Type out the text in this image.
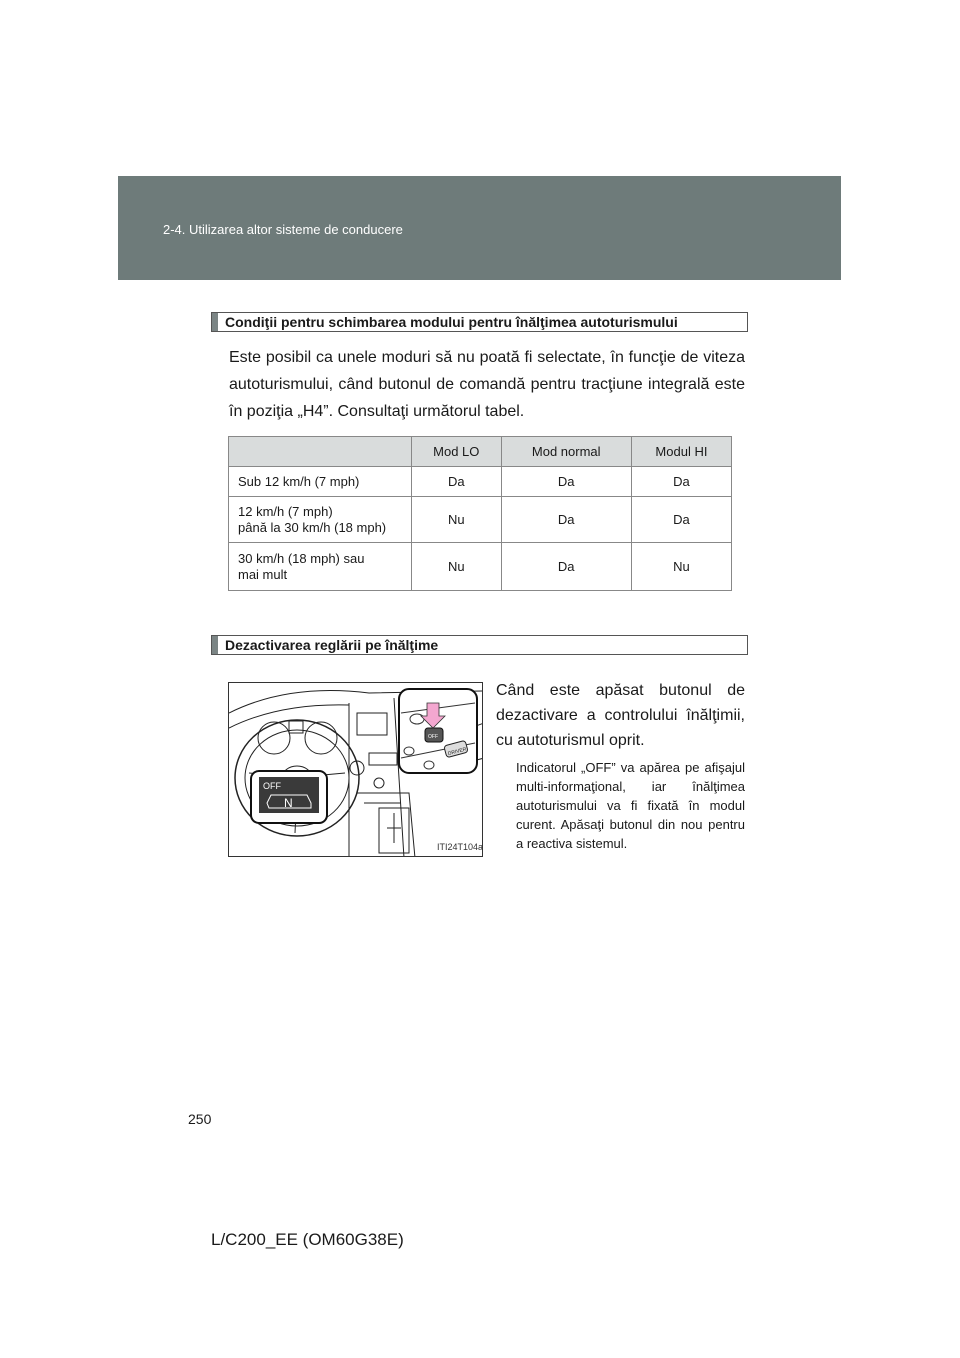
2-4. Utilizarea altor sisteme de conducere
Condiţii pentru schimbarea modului pentru înălţimea autoturismului
Este posibil ca unele moduri să nu poată fi selectate, în funcţie de viteza autoturismului, când butonul de comandă pentru tracţiune integrală este în poziţia „H4”. Consultaţi următorul tabel.
	Mod LO	Mod normal	Modul HI
Sub 12 km/h (7 mph)	Da	Da	Da
12 km/h (7 mph)
până la 30 km/h (18 mph)	Nu	Da	Da
30 km/h (18 mph) sau
mai mult	Nu	Da	Nu
Dezactivarea reglării pe înălţime
OFF
DRIVER
OFF
N
ITI24T104a
Când este apăsat butonul de dezactivare a controlului înălţimii, cu autoturismul oprit.
Indicatorul „OFF” va apărea pe afişajul multi-informaţional, iar înălţimea autoturismului va fi fixată în modul curent. Apăsaţi butonul din nou pentru a reactiva sistemul.
250
L/C200_EE (OM60G38E)
